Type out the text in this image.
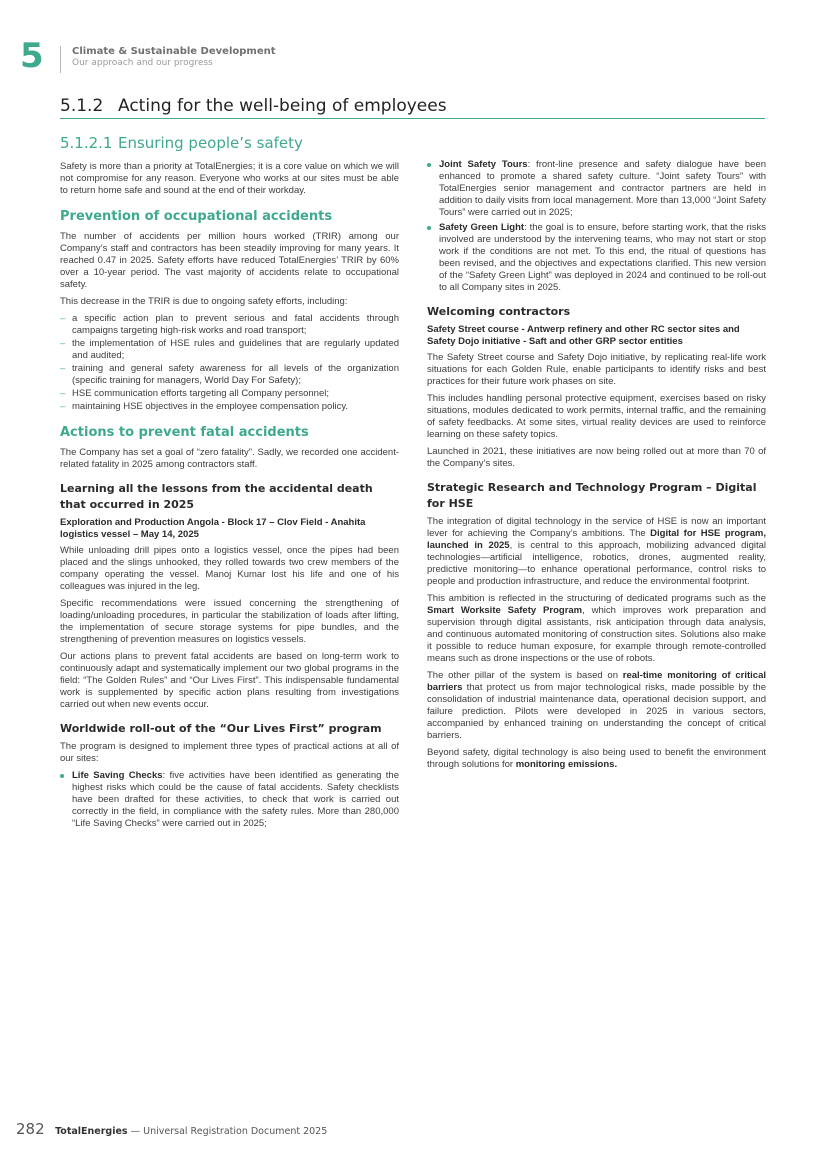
5	Climate & Sustainable Development
Our approach and our progress
5.1.2 Acting for the well-being of employees
5.1.2.1 Ensuring people’s safety

Safety is more than a priority at TotalEnergies; it is a core value on which we will not compromise for any reason. Everyone who works at our sites must be able to return home safe and sound at the end of their workday.

Prevention of occupational accidents

The number of accidents per million hours worked (TRIR) among our Company’s staff and contractors has been steadily improving for many years. It reached 0.47 in 2025. Safety efforts have reduced TotalEnergies’ TRIR by 60% over a 10-year period. The vast majority of accidents relate to occupational safety.

This decrease in the TRIR is due to ongoing safety efforts, including:

– a specific action plan to prevent serious and fatal accidents through campaigns targeting high-risk works and road transport;
– the implementation of HSE rules and guidelines that are regularly updated and audited;
– training and general safety awareness for all levels of the organization (specific training for managers, World Day For Safety);
– HSE communication efforts targeting all Company personnel;
– maintaining HSE objectives in the employee compensation policy.
Actions to prevent fatal accidents

The Company has set a goal of “zero fatality”. Sadly, we recorded one accident-related fatality in 2025 among contractors staff.

Learning all the lessons from the accidental death that occurred in 2025
Exploration and Production Angola - Block 17 – Clov Field - Anahita logistics vessel – May 14, 2025

While unloading drill pipes onto a logistics vessel, once the pipes had been placed and the slings unhooked, they rolled towards two crew members of the company operating the vessel. Manoj Kumar lost his life and one of his colleagues was injured in the leg.

Specific recommendations were issued concerning the strengthening of loading/unloading procedures, in particular the stabilization of loads after lifting, the implementation of secure storage systems for pipe bundles, and the strengthening of prevention measures on logistics vessels.

Our actions plans to prevent fatal accidents are based on long-term work to continuously adapt and systematically implement our two global programs in the field: “The Golden Rules” and “Our Lives First”. This indispensable fundamental work is supplemented by specific action plans resulting from investigations carried out when new events occur.

Worldwide roll-out of the “Our Lives First” program

The program is designed to implement three types of practical actions at all of our sites:

Life Saving Checks: five activities have been identified as generating the highest risks which could be the cause of fatal accidents. Safety checklists have been drafted for these activities, to check that work is carried out correctly in the field, in compliance with the safety rules. More than 280,000 “Life Saving Checks” were carried out in 2025;
Joint Safety Tours: front-line presence and safety dialogue have been enhanced to promote a shared safety culture. “Joint safety Tours” with TotalEnergies senior management and contractor partners are held in addition to daily visits from local management. More than 13,000 “Joint Safety Tours” were carried out in 2025;
Safety Green Light: the goal is to ensure, before starting work, that the risks involved are understood by the intervening teams, who may not start or stop work if the conditions are not met. To this end, the ritual of questions has been revised, and the objectives and expectations clarified. This new version of the “Safety Green Light” was deployed in 2024 and continued to be roll-out to all Company sites in 2025.
Welcoming contractors
Safety Street course - Antwerp refinery and other RC sector sites and Safety Dojo initiative - Saft and other GRP sector entities

The Safety Street course and Safety Dojo initiative, by replicating real-life work situations for each Golden Rule, enable participants to identify risks and best practices for their future work phases on site.

This includes handling personal protective equipment, exercises based on risky situations, modules dedicated to work permits, internal traffic, and the remaining of safety feedbacks. At some sites, virtual reality devices are used to reinforce learning on these safety topics.

Launched in 2021, these initiatives are now being rolled out at more than 70 of the Company’s sites.

Strategic Research and Technology Program – Digital for HSE

The integration of digital technology in the service of HSE is now an important lever for achieving the Company’s ambitions. The Digital for HSE program, launched in 2025, is central to this approach, mobilizing advanced digital technologies—artificial intelligence, robotics, drones, augmented reality, predictive monitoring—to enhance operational performance, control risks to people and production infrastructure, and reduce the environmental footprint.

This ambition is reflected in the structuring of dedicated programs such as the Smart Worksite Safety Program, which improves work preparation and supervision through digital assistants, risk anticipation through data analysis, and continuous automated monitoring of construction sites. Solutions also make it possible to reduce human exposure, for example through remote-controlled means such as drone inspections or the use of robots.

The other pillar of the system is based on real-time monitoring of critical barriers that protect us from major technological risks, made possible by the consolidation of industrial maintenance data, operational decision support, and failure prediction. Pilots were developed in 2025 in various sectors, accompanied by enhanced training on understanding the concept of critical barriers.

Beyond safety, digital technology is also being used to benefit the environment through solutions for monitoring emissions.

282 TotalEnergies — Universal Registration Document 2025
